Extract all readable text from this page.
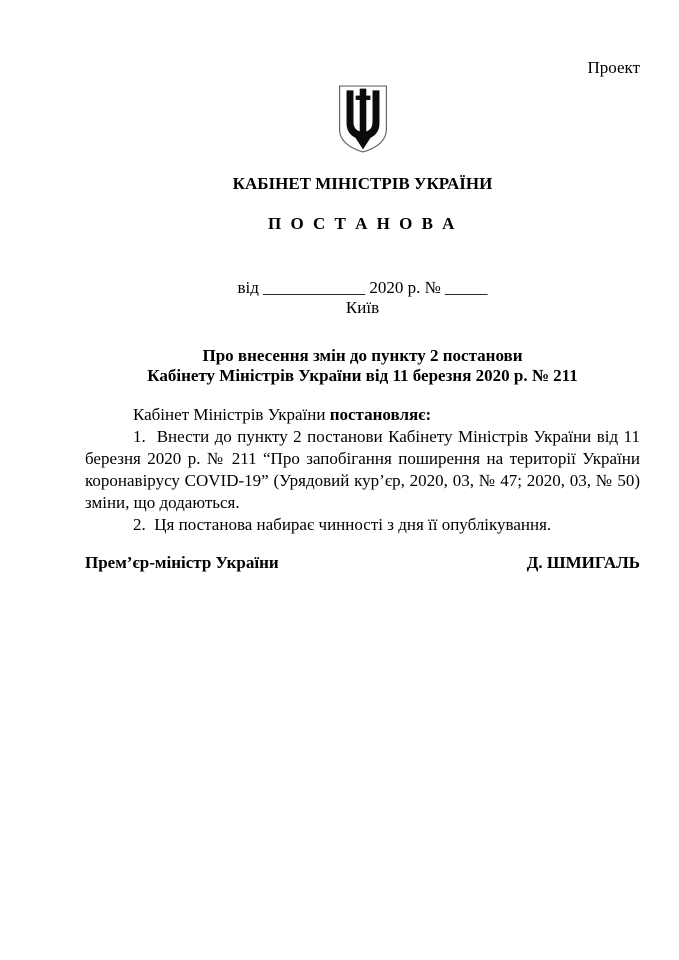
Проект
КАБІНЕТ МІНІСТРІВ УКРАЇНИ
П О С Т А Н О В А
від ____________ 2020 р. № _____
Київ
Про внесення змін до пункту 2 постанови
Кабінету Міністрів України від 11 березня 2020 р. № 211

Кабінет Міністрів України постановляє:

1.  Внести до пункту 2 постанови Кабінету Міністрів України від 11 березня 2020 р. № 211 “Про запобігання поширення на території України коронавірусу COVID-19” (Урядовий кур’єр, 2020, 03, № 47; 2020, 03, № 50) зміни, що додаються.

2.  Ця постанова набирає чинності з дня її опублікування.

Прем’єр-міністр України	Д. ШМИГАЛЬ
